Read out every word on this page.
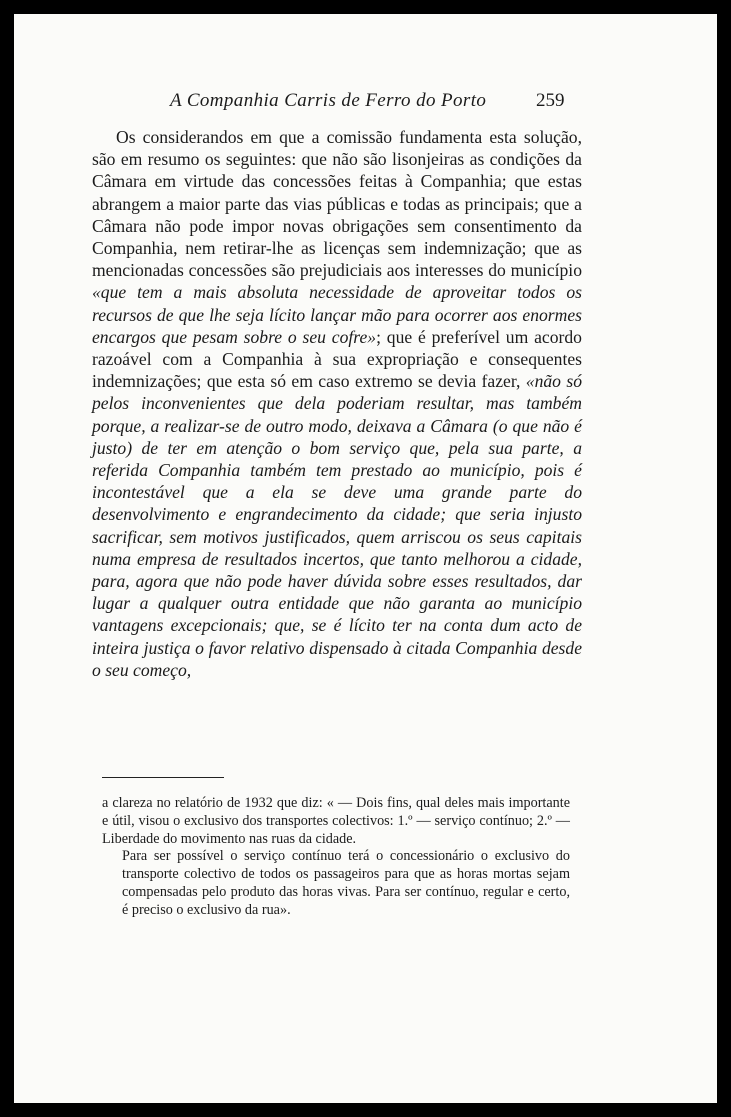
A Companhia Carris de Ferro do Porto	259

Os considerandos em que a comissão fundamenta esta solução, são em resumo os seguintes: que não são lisonjeiras as condições da Câmara em virtude das concessões feitas à Companhia; que estas abrangem a maior parte das vias públicas e todas as principais; que a Câmara não pode impor novas obrigações sem consentimento da Companhia, nem retirar-lhe as licenças sem indemnização; que as mencionadas concessões são prejudiciais aos interesses do município «que tem a mais absoluta necessidade de aproveitar todos os recursos de que lhe seja lícito lançar mão para ocorrer aos enormes encargos que pesam sobre o seu cofre»; que é preferível um acordo razoável com a Companhia à sua expropriação e consequentes indemnizações; que esta só em caso extremo se devia fazer, «não só pelos inconvenientes que dela poderiam resultar, mas também porque, a realizar-se de outro modo, deixava a Câmara (o que não é justo) de ter em atenção o bom serviço que, pela sua parte, a referida Companhia também tem prestado ao município, pois é incontestável que a ela se deve uma grande parte do desenvolvimento e engrandecimento da cidade; que seria injusto sacrificar, sem motivos justificados, quem arriscou os seus capitais numa empresa de resultados incertos, que tanto melhorou a cidade, para, agora que não pode haver dúvida sobre esses resultados, dar lugar a qualquer outra entidade que não garanta ao município vantagens excepcionais; que, se é lícito ter na conta dum acto de inteira justiça o favor relativo dispensado à citada Companhia desde o seu começo,

a clareza no relatório de 1932 que diz: « — Dois fins, qual deles mais importante e útil, visou o exclusivo dos transportes colectivos: 1.º — serviço contínuo; 2.º — Liberdade do movimento nas ruas da cidade.

Para ser possível o serviço contínuo terá o concessionário o exclusivo do transporte colectivo de todos os passageiros para que as horas mortas sejam compensadas pelo produto das horas vivas. Para ser contínuo, regular e certo, é preciso o exclusivo da rua».
